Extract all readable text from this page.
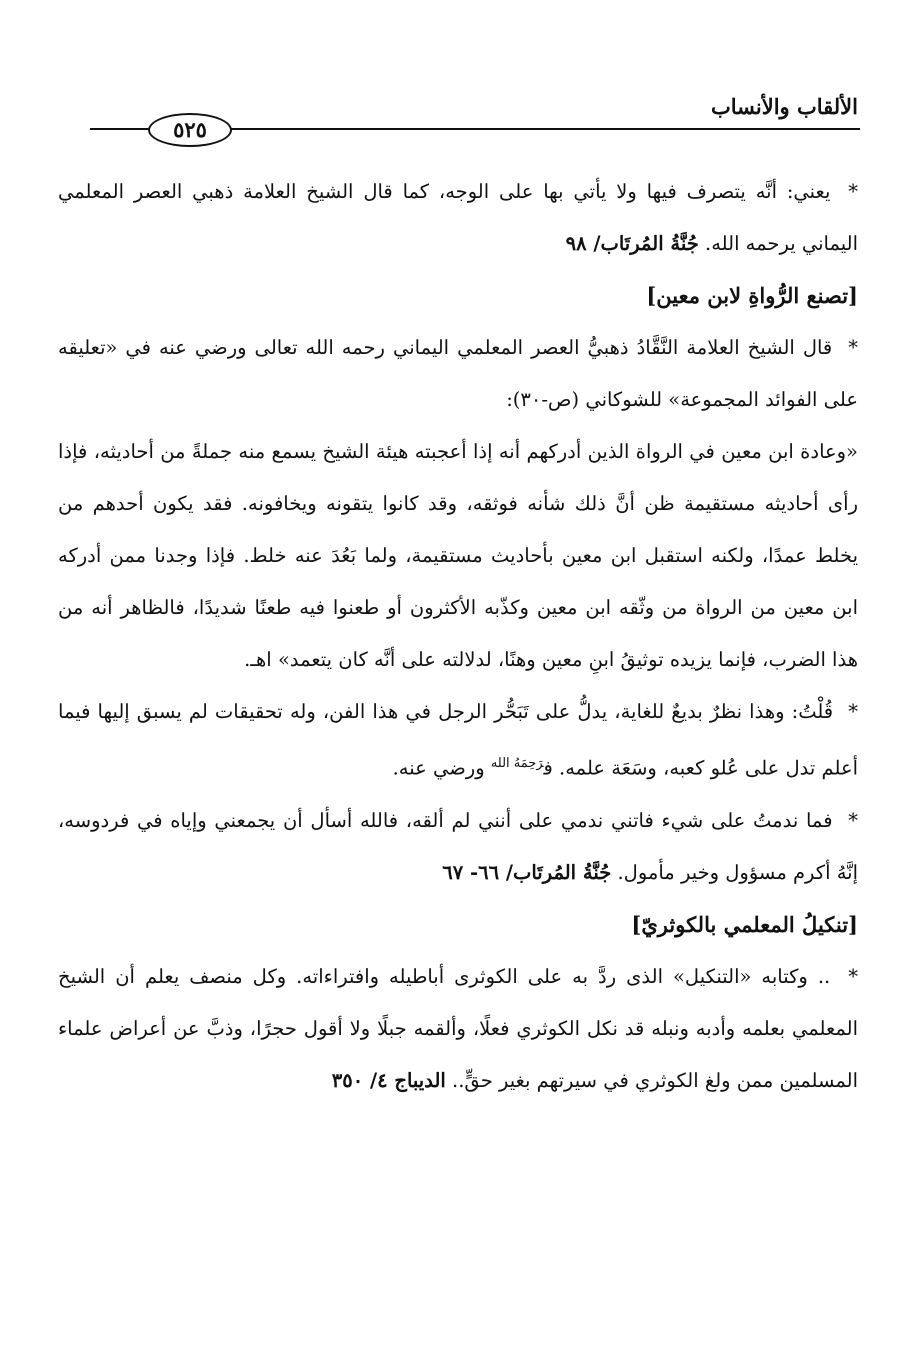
الألقاب والأنساب
٥٢٥

* يعني: أنَّه يتصرف فيها ولا يأتي بها على الوجه، كما قال الشيخ العلامة ذهبي العصر المعلمي اليماني يرحمه الله. جُنَّةُ المُرتَاب/ ٩٨

[تصنع الرُّواةِ لابن معين]

* قال الشيخ العلامة النَّقَّادُ ذهبيُّ العصر المعلمي اليماني رحمه الله تعالى ورضي عنه في «تعليقه على الفوائد المجموعة» للشوكاني (ص-٣٠):

«وعادة ابن معين في الرواة الذين أدركهم أنه إذا أعجبته هيئة الشيخ يسمع منه جملةً من أحاديثه، فإذا رأى أحاديثه مستقيمة ظن أنَّ ذلك شأنه فوثقه، وقد كانوا يتقونه ويخافونه. فقد يكون أحدهم من يخلط عمدًا، ولكنه استقبل ابن معين بأحاديث مستقيمة، ولما بَعُدَ عنه خلط. فإذا وجدنا ممن أدركه ابن معين من الرواة من وثّقه ابن معين وكذّبه الأكثرون أو طعنوا فيه طعنًا شديدًا، فالظاهر أنه من هذا الضرب، فإنما يزيده توثيقُ ابنِ معين وهنًا، لدلالته على أنَّه كان يتعمد» اهـ.

* قُلْتُ: وهذا نظرٌ بديعٌ للغاية، يدلُّ على تَبَحُّر الرجل في هذا الفن، وله تحقيقات لم يسبق إليها فيما أعلم تدل على عُلو كعبه، وسَعَة علمه. ف$^{رَحِمَهُ الله}$ ورضي عنه.

* فما ندمتُ على شيء فاتني ندمي على أنني لم ألقه، فالله أسأل أن يجمعني وإياه في فردوسه، إنَّهُ أكرم مسؤول وخير مأمول. جُنَّةُ المُرتَاب/ ٦٦- ٦٧

[تنكيلُ المعلمي بالكوثريّ]

* .. وكتابه «التنكيل» الذى ردَّ به على الكوثرى أباطيله وافتراءاته. وكل منصف يعلم أن الشيخ المعلمي بعلمه وأدبه ونبله قد نكل الكوثري فعلًا، وألقمه جبلًا ولا أقول حجرًا، وذبَّ عن أعراض علماء المسلمين ممن ولغ الكوثري في سيرتهم بغير حقٍّ.. الديباج ٤/ ٣٥٠
